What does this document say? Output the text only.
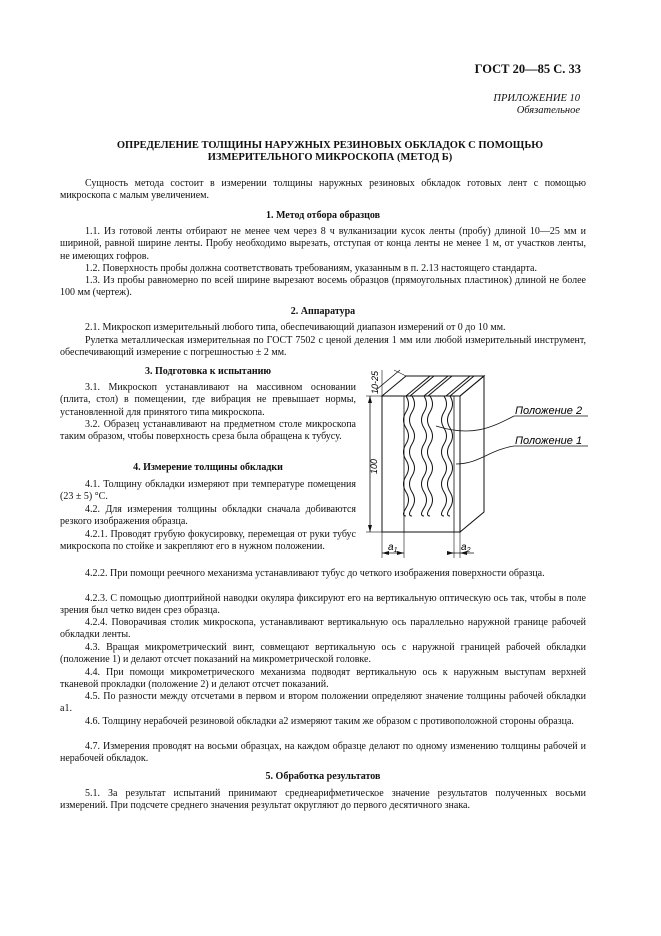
ГОСТ 20—85 С. 33
ПРИЛОЖЕНИЕ 10
Обязательное
ОПРЕДЕЛЕНИЕ ТОЛЩИНЫ НАРУЖНЫХ РЕЗИНОВЫХ ОБКЛАДОК С ПОМОЩЬЮ
ИЗМЕРИТЕЛЬНОГО МИКРОСКОПА (МЕТОД Б)

Сущность метода состоит в измерении толщины наружных резиновых обкладок готовых лент с помощью микроскопа с малым увеличением.

1. Метод отбора образцов

1.1. Из готовой ленты отбирают не менее чем через 8 ч вулканизации кусок ленты (пробу) длиной 10—25 мм и шириной, равной ширине ленты. Пробу необходимо вырезать, отступая от конца ленты не менее 1 м, от участков ленты, не имеющих гофров.

1.2. Поверхность пробы должна соответствовать требованиям, указанным в п. 2.13 настоящего стандарта.

1.3. Из пробы равномерно по всей ширине вырезают восемь образцов (прямоугольных пластинок) длиной не более 100 мм (чертеж).

2. Аппаратура

2.1. Микроскоп измерительный любого типа, обеспечивающий диапазон измерений от 0 до 10 мм.

Рулетка металлическая измерительная по ГОСТ 7502 с ценой деления 1 мм или любой измерительный инструмент, обеспечивающий измерение с погрешностью ± 2 мм.

3. Подготовка к испытанию

3.1. Микроскоп устанавливают на массивном основании (плита, стол) в помещении, где вибрация не превышает нормы, установленной для принятого типа микроскопа.

3.2. Образец устанавливают на предметном столе микроскопа таким образом, чтобы поверхность среза была обращена к тубусу.

4. Измерение толщины обкладки

4.1. Толщину обкладки измеряют при температуре помещения (23 ± 5) °С.

4.2. Для измерения толщины обкладки сначала добиваются резкого изображения образца.

4.2.1. Проводят грубую фокусировку, перемещая от руки тубус микроскопа по стойке и закрепляют его в нужном положении.

4.2.2. При помощи реечного механизма устанавливают тубус до четкого изображения поверхности образца.

4.2.3. С помощью диоптрийной наводки окуляра фиксируют его на вертикальную оптическую ось так, чтобы в поле зрения был четко виден срез образца.

4.2.4. Поворачивая столик микроскопа, устанавливают вертикальную ось параллельно наружной границе рабочей обкладки ленты.

4.3. Вращая микрометрический винт, совмещают вертикальную ось с наружной границей рабочей обкладки (положение 1) и делают отсчет показаний на микрометрической головке.

4.4. При помощи микрометрического механизма подводят вертикальную ось к наружным выступам верхней тканевой прокладки (положение 2) и делают отсчет показаний.

4.5. По разности между отсчетами в первом и втором положении определяют значение толщины рабочей обкладки a1.

4.6. Толщину нерабочей резиновой обкладки a2 измеряют таким же образом с противоположной стороны образца.

4.7. Измерения проводят на восьми образцах, на каждом образце делают по одному изменению толщины рабочей и нерабочей обкладок.

5. Обработка результатов

5.1. За результат испытаний принимают среднеарифметическое значение результатов полученных восьми измерений. При подсчете среднего значения результат округляют до первого десятичного знака.

Положение 2
Положение 1
10-25
100
$a_1$	$a_2$
